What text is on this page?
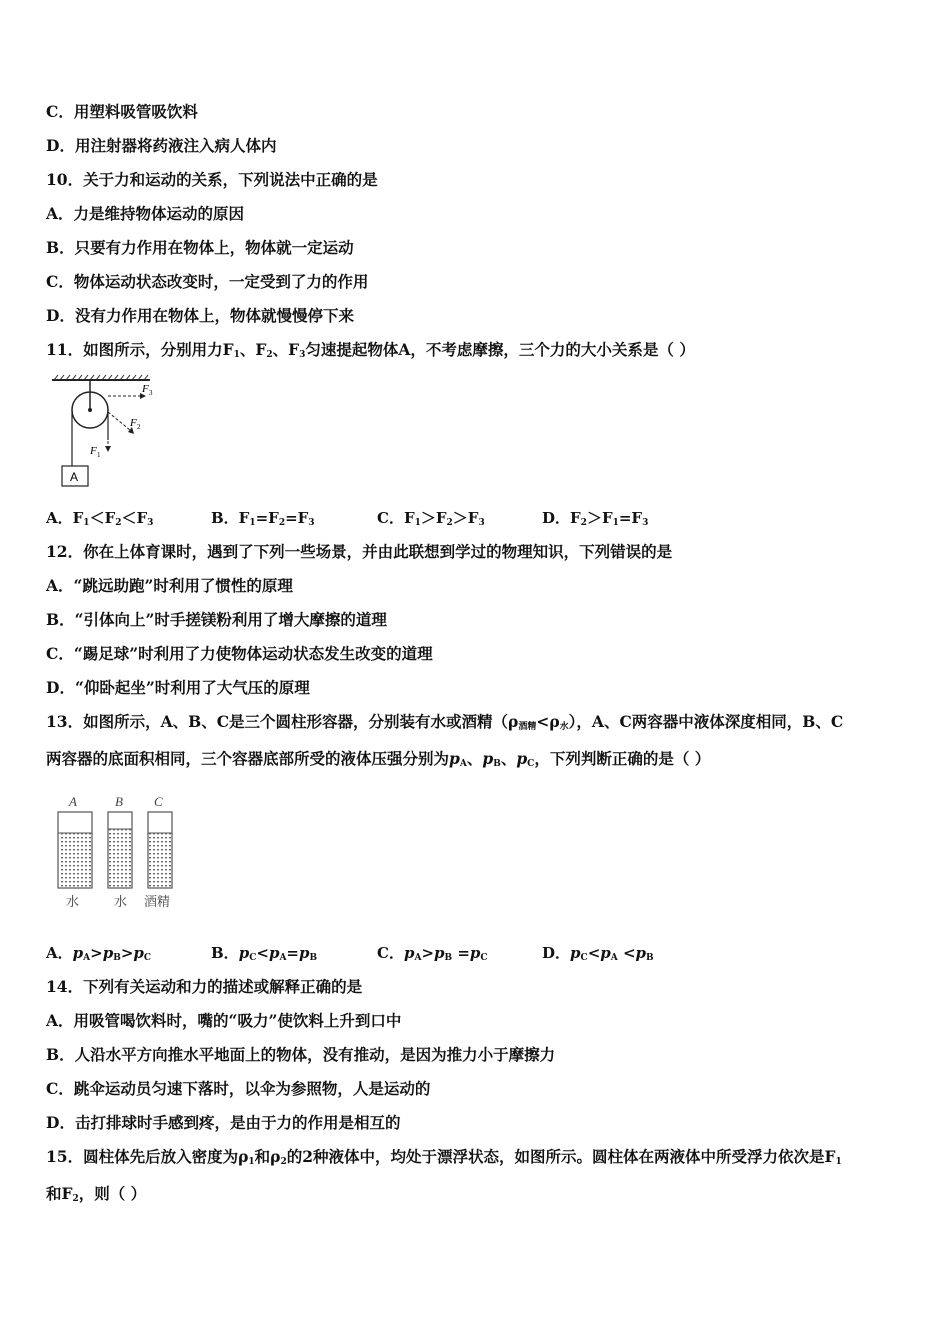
C．用塑料吸管吸饮料
D．用注射器将药液注入病人体内
10．关于力和运动的关系，下列说法中正确的是
A．力是维持物体运动的原因
B．只要有力作用在物体上，物体就一定运动
C．物体运动状态改变时，一定受到了力的作用
D．没有力作用在物体上，物体就慢慢停下来
11．如图所示，分别用力$F_1$、$F_2$、$F_3$匀速提起物体A，不考虑摩擦，三个力的大小关系是（ ）
A
F 3
F 2
F 1
A．$F_1<F_2<F_3$	B．$F_1=F_2=F_3$	C．$F_1>F_2>F_3$	D．$F_2>F_1=F_3$
12．你在上体育课时，遇到了下列一些场景，并由此联想到学过的物理知识，下列错误的是
A．“跳远助跑”时利用了惯性的原理
B．“引体向上”时手搓镁粉利用了增大摩擦的道理
C．“踢足球”时利用了力使物体运动状态发生改变的道理
D．“仰卧起坐”时利用了大气压的原理
13．如图所示，A、B、C是三个圆柱形容器，分别装有水或酒精$(\rho_{酒精}<\rho_水)$，A、C两容器中液体深度相同，B、C
两容器的底面积相同，三个容器底部所受的液体压强分别为$p_A$、$p_B$、$p_C$，下列判断正确的是（ ）
A	B C
水	水 酒精
A．$p_A>p_B>p_C$	B．$p_C<p_A=p_B$	C．$p_A>p_B =p_C$	D．$p_C<p_A <p_B$
14．下列有关运动和力的描述或解释正确的是
A．用吸管喝饮料时，嘴的“吸力”使饮料上升到口中
B．人沿水平方向推水平地面上的物体，没有推动，是因为推力小于摩擦力
C．跳伞运动员匀速下落时，以伞为参照物，人是运动的
D．击打排球时手感到疼，是由于力的作用是相互的
15．圆柱体先后放入密度为$\rho_1$和$\rho_2$的2种液体中，均处于漂浮状态，如图所示。圆柱体在两液体中所受浮力依次是$F_1$
和$F_2$，则（ ）
